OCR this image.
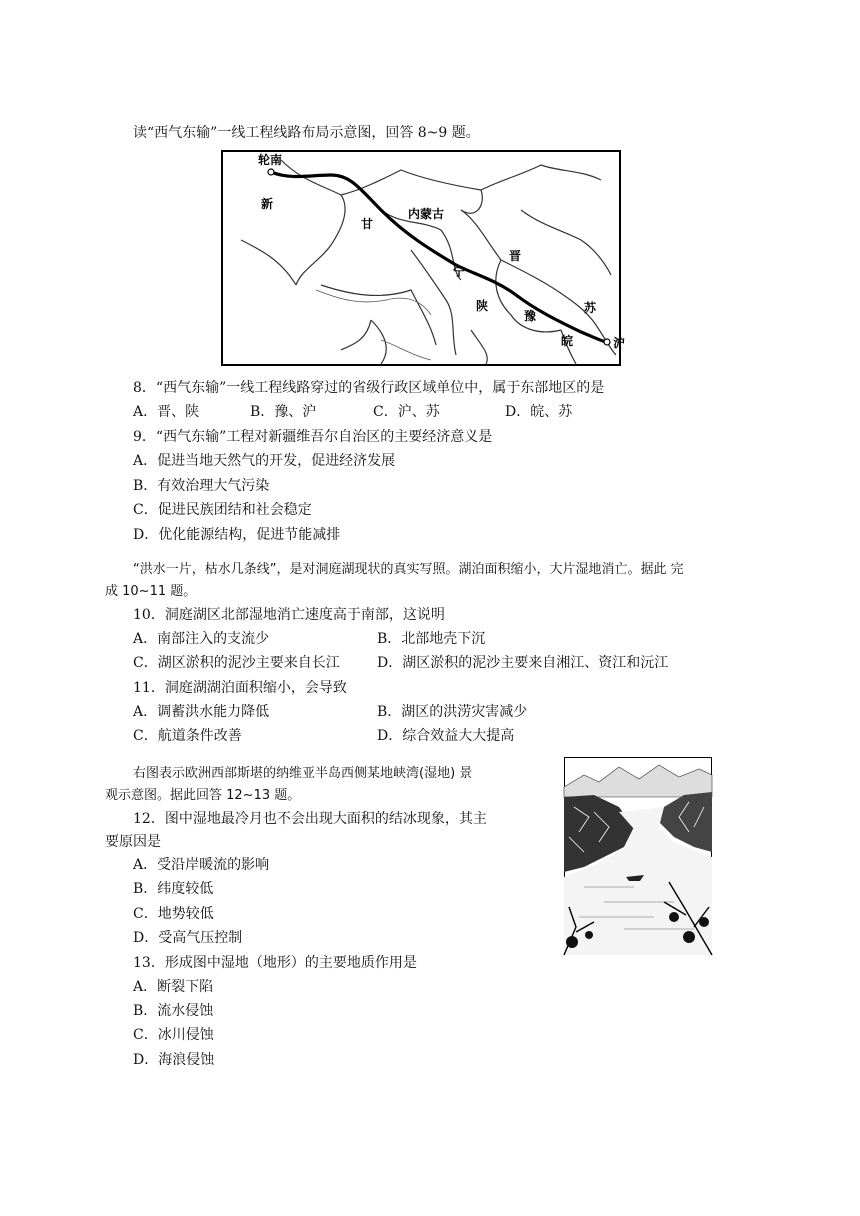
读“西气东输”一线工程线路布局示意图，回答 8~9 题。
轮南
新
甘
内蒙古
晋
宁
陕
豫
苏
皖	沪
8．“西气东输”一线工程线路穿过的省级行政区域单位中，属于东部地区的是
A．晋、陕	B．豫、沪	C．沪、苏	D．皖、苏
9．“西气东输”工程对新疆维吾尔自治区的主要经济意义是
A．促进当地天然气的开发，促进经济发展
B．有效治理大气污染
C．促进民族团结和社会稳定
D．优化能源结构，促进节能减排
“洪水一片，枯水几条线”，是对洞庭湖现状的真实写照。湖泊面积缩小，大片湿地消亡。据此 完
成 10~11 题。
10．洞庭湖区北部湿地消亡速度高于南部，这说明
A．南部注入的支流少	B．北部地壳下沉
C．湖区淤积的泥沙主要来自长江	D．湖区淤积的泥沙主要来自湘江、资江和沅江
11．洞庭湖湖泊面积缩小，会导致
A．调蓄洪水能力降低	B．湖区的洪涝灾害减少
C．航道条件改善	D．综合效益大大提高
右图表示欧洲西部斯堪的纳维亚半岛西侧某地峡湾(湿地) 景
观示意图。据此回答 12~13 题。
12．图中湿地最冷月也不会出现大面积的结冰现象，其主
要原因是
A．受沿岸暖流的影响
B．纬度较低
C．地势较低
D．受高气压控制
13．形成图中湿地（地形）的主要地质作用是
A．断裂下陷
B．流水侵蚀
C．冰川侵蚀
D．海浪侵蚀
